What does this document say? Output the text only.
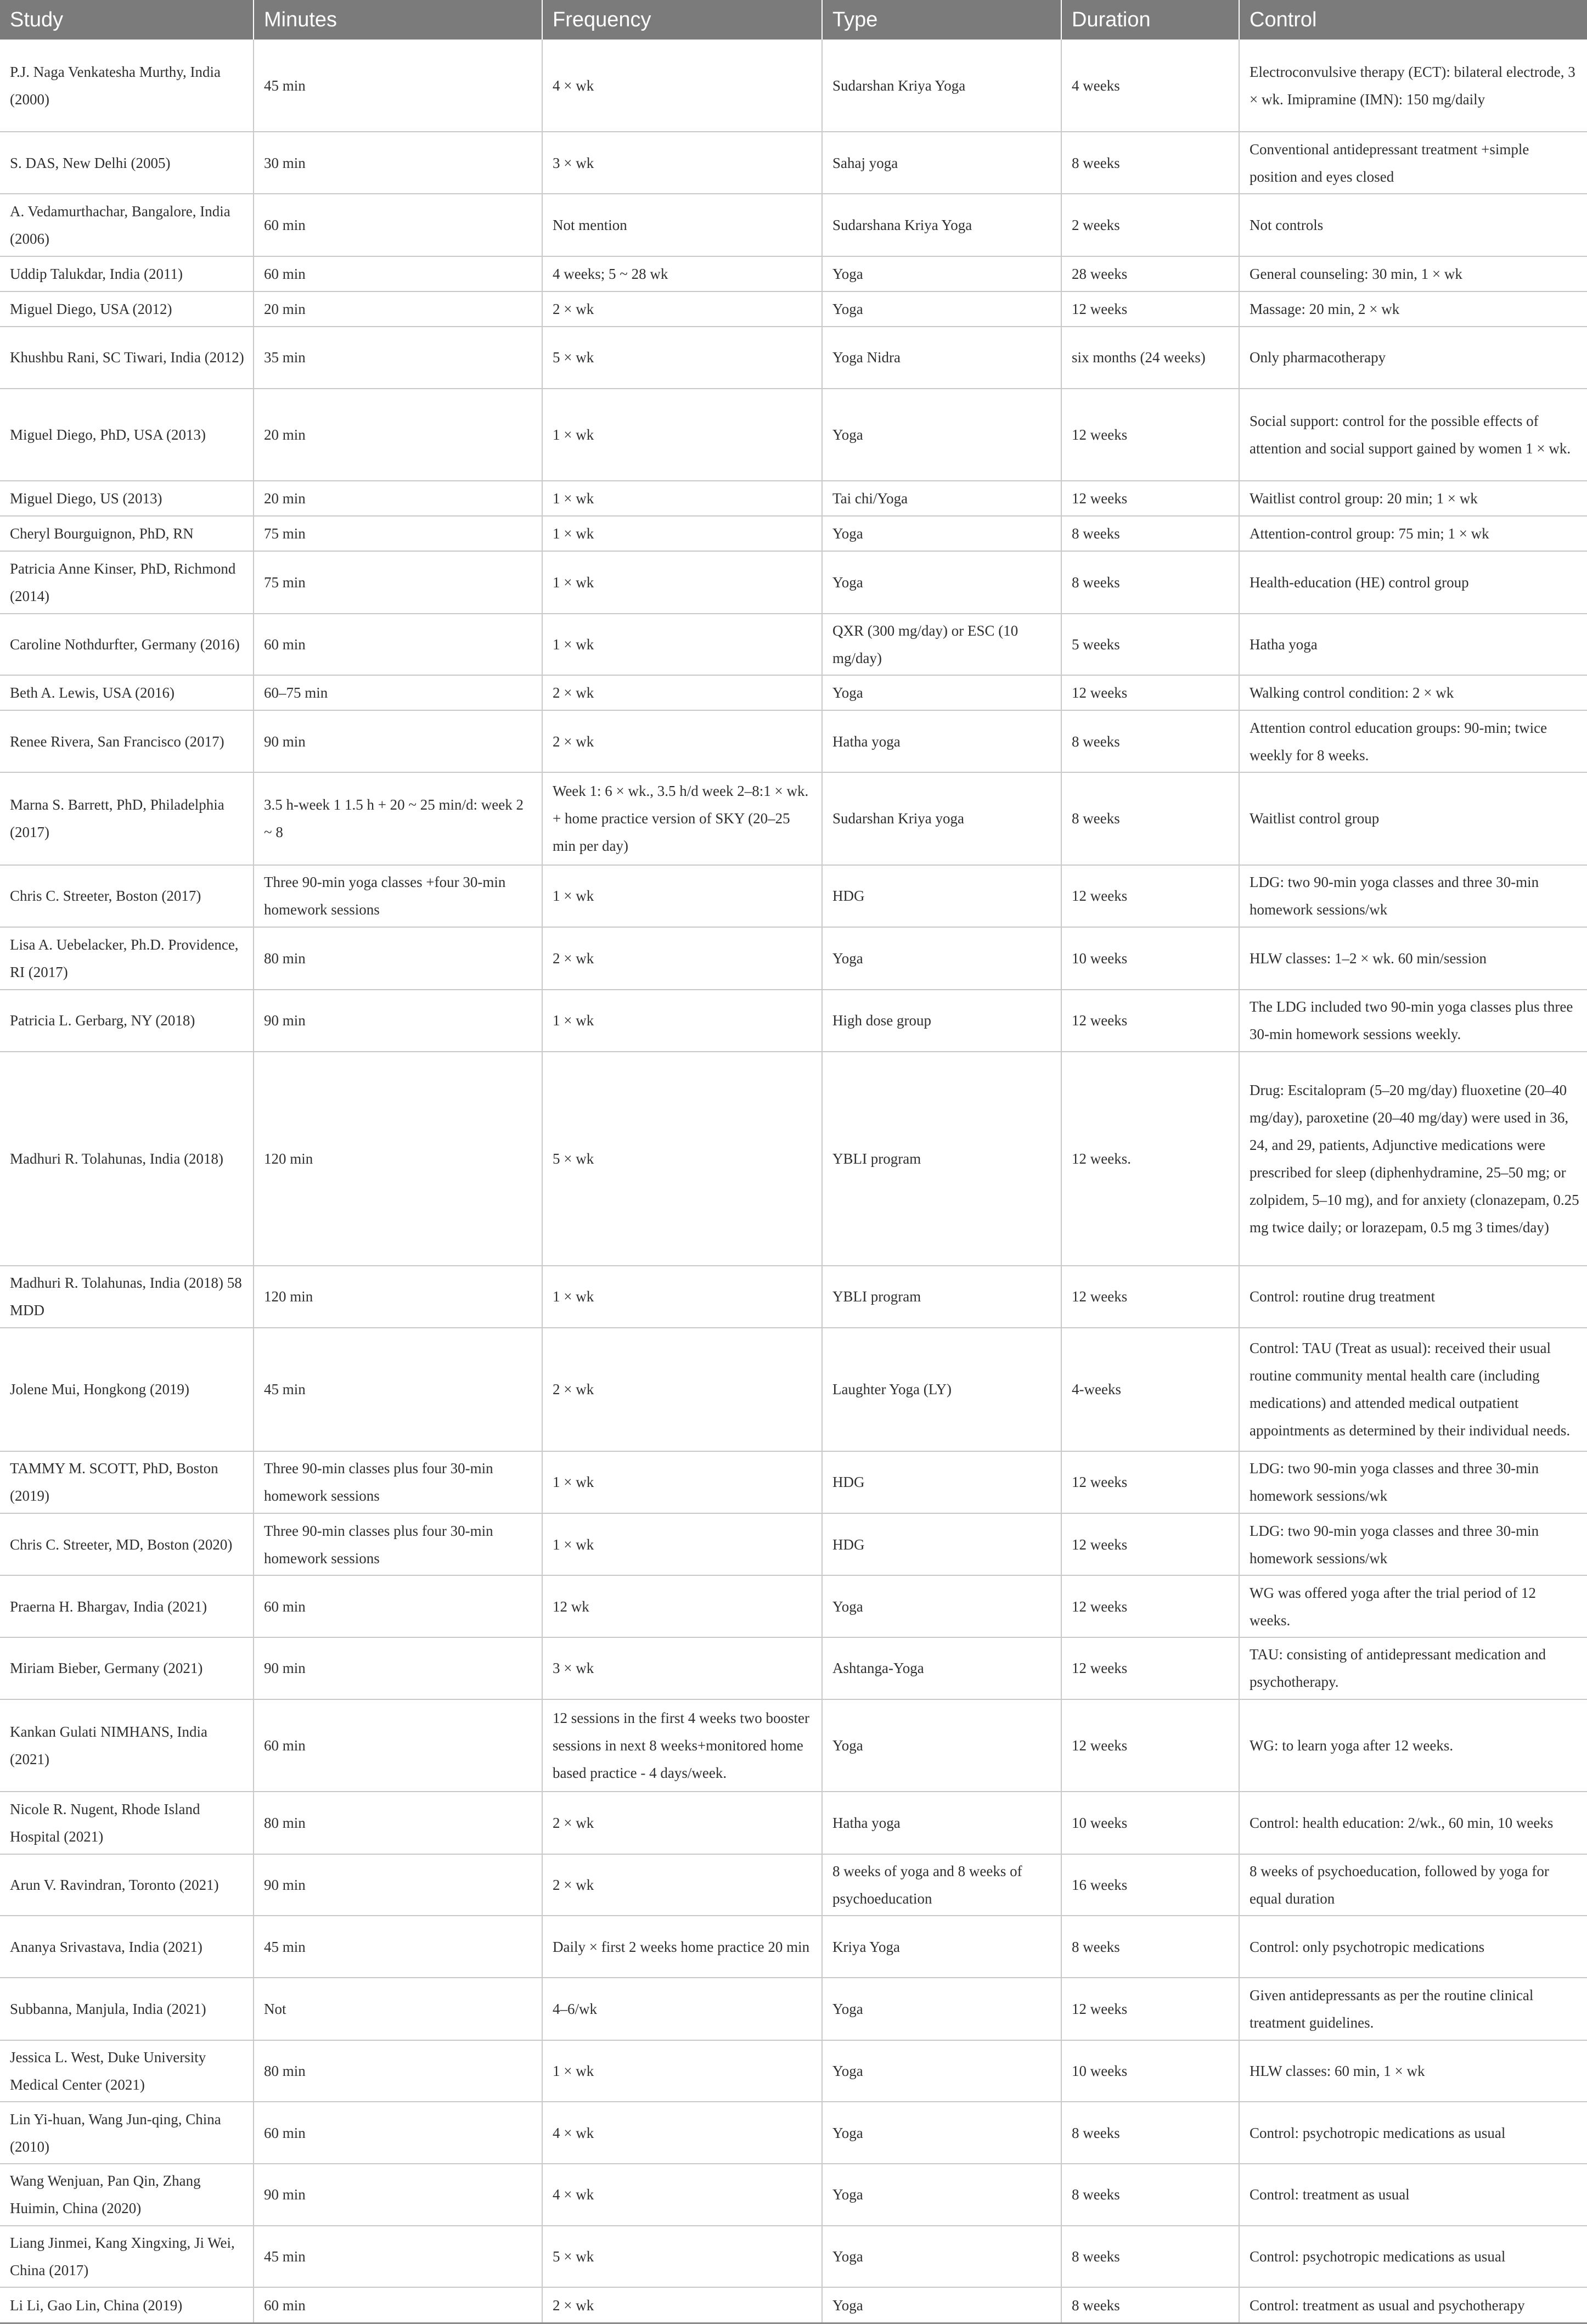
Study	Minutes	Frequency	Type	Duration	Control
P.J. Naga Venkatesha Murthy, India (2000)	45 min	4 × wk	Sudarshan Kriya Yoga	4 weeks	Electroconvulsive therapy (ECT): bilateral electrode, 3 × wk. Imipramine (IMN): 150 mg/daily
S. DAS, New Delhi (2005)	30 min	3 × wk	Sahaj yoga	8 weeks	Conventional antidepressant treatment +simple position and eyes closed
A. Vedamurthachar, Bangalore, India (2006)	60 min	Not mention	Sudarshana Kriya Yoga	2 weeks	Not controls
Uddip Talukdar, India (2011)	60 min	4 weeks; 5 ~ 28 wk	Yoga	28 weeks	General counseling: 30 min, 1 × wk
Miguel Diego, USA (2012)	20 min	2 × wk	Yoga	12 weeks	Massage: 20 min, 2 × wk
Khushbu Rani, SC Tiwari, India (2012)	35 min	5 × wk	Yoga Nidra	six months (24 weeks)	Only pharmacotherapy
Miguel Diego, PhD, USA (2013)	20 min	1 × wk	Yoga	12 weeks	Social support: control for the possible effects of attention and social support gained by women 1 × wk.
Miguel Diego, US (2013)	20 min	1 × wk	Tai chi/Yoga	12 weeks	Waitlist control group: 20 min; 1 × wk
Cheryl Bourguignon, PhD, RN	75 min	1 × wk	Yoga	8 weeks	Attention-control group: 75 min; 1 × wk
Patricia Anne Kinser, PhD, Richmond (2014)	75 min	1 × wk	Yoga	8 weeks	Health-education (HE) control group
Caroline Nothdurfter, Germany (2016)	60 min	1 × wk	QXR (300 mg/day) or ESC (10 mg/day)	5 weeks	Hatha yoga
Beth A. Lewis, USA (2016)	60–75 min	2 × wk	Yoga	12 weeks	Walking control condition: 2 × wk
Renee Rivera, San Francisco (2017)	90 min	2 × wk	Hatha yoga	8 weeks	Attention control education groups: 90-min; twice weekly for 8 weeks.
Marna S. Barrett, PhD, Philadelphia (2017)	3.5 h-week 1 1.5 h + 20 ~ 25 min/d: week 2 ~ 8	Week 1: 6 × wk., 3.5 h/d week 2–8:1 × wk. + home practice version of SKY (20–25 min per day)	Sudarshan Kriya yoga	8 weeks	Waitlist control group
Chris C. Streeter, Boston (2017)	Three 90-min yoga classes +four 30-min homework sessions	1 × wk	HDG	12 weeks	LDG: two 90-min yoga classes and three 30-min homework sessions/wk
Lisa A. Uebelacker, Ph.D. Providence, RI (2017)	80 min	2 × wk	Yoga	10 weeks	HLW classes: 1–2 × wk. 60 min/session
Patricia L. Gerbarg, NY (2018)	90 min	1 × wk	High dose group	12 weeks	The LDG included two 90-min yoga classes plus three 30-min homework sessions weekly.
Madhuri R. Tolahunas, India (2018)	120 min	5 × wk	YBLI program	12 weeks.	Drug: Escitalopram (5–20 mg/day) fluoxetine (20–40 mg/day), paroxetine (20–40 mg/day) were used in 36, 24, and 29, patients, Adjunctive medications were prescribed for sleep (diphenhydramine, 25–50 mg; or zolpidem, 5–10 mg), and for anxiety (clonazepam, 0.25 mg twice daily; or lorazepam, 0.5 mg 3 times/day)
Madhuri R. Tolahunas, India (2018) 58 MDD	120 min	1 × wk	YBLI program	12 weeks	Control: routine drug treatment
Jolene Mui, Hongkong (2019)	45 min	2 × wk	Laughter Yoga (LY)	4-weeks	Control: TAU (Treat as usual): received their usual routine community mental health care (including medications) and attended medical outpatient appointments as determined by their individual needs.
TAMMY M. SCOTT, PhD, Boston (2019)	Three 90-min classes plus four 30-min homework sessions	1 × wk	HDG	12 weeks	LDG: two 90-min yoga classes and three 30-min homework sessions/wk
Chris C. Streeter, MD, Boston (2020)	Three 90-min classes plus four 30-min homework sessions	1 × wk	HDG	12 weeks	LDG: two 90-min yoga classes and three 30-min homework sessions/wk
Praerna H. Bhargav, India (2021)	60 min	12 wk	Yoga	12 weeks	WG was offered yoga after the trial period of 12 weeks.
Miriam Bieber, Germany (2021)	90 min	3 × wk	Ashtanga-Yoga	12 weeks	TAU: consisting of antidepressant medication and psychotherapy.
Kankan Gulati NIMHANS, India (2021)	60 min	12 sessions in the first 4 weeks two booster sessions in next 8 weeks+monitored home based practice - 4 days/week.	Yoga	12 weeks	WG: to learn yoga after 12 weeks.
Nicole R. Nugent, Rhode Island Hospital (2021)	80 min	2 × wk	Hatha yoga	10 weeks	Control: health education: 2/wk., 60 min, 10 weeks
Arun V. Ravindran, Toronto (2021)	90 min	2 × wk	8 weeks of yoga and 8 weeks of psychoeducation	16 weeks	8 weeks of psychoeducation, followed by yoga for equal duration
Ananya Srivastava, India (2021)	45 min	Daily × first 2 weeks home practice 20 min	Kriya Yoga	8 weeks	Control: only psychotropic medications
Subbanna, Manjula, India (2021)	Not	4–6/wk	Yoga	12 weeks	Given antidepressants as per the routine clinical treatment guidelines.
Jessica L. West, Duke University Medical Center (2021)	80 min	1 × wk	Yoga	10 weeks	HLW classes: 60 min, 1 × wk
Lin Yi-huan, Wang Jun-qing, China (2010)	60 min	4 × wk	Yoga	8 weeks	Control: psychotropic medications as usual
Wang Wenjuan, Pan Qin, Zhang Huimin, China (2020)	90 min	4 × wk	Yoga	8 weeks	Control: treatment as usual
Liang Jinmei, Kang Xingxing, Ji Wei, China (2017)	45 min	5 × wk	Yoga	8 weeks	Control: psychotropic medications as usual
Li Li, Gao Lin, China (2019)	60 min	2 × wk	Yoga	8 weeks	Control: treatment as usual and psychotherapy
